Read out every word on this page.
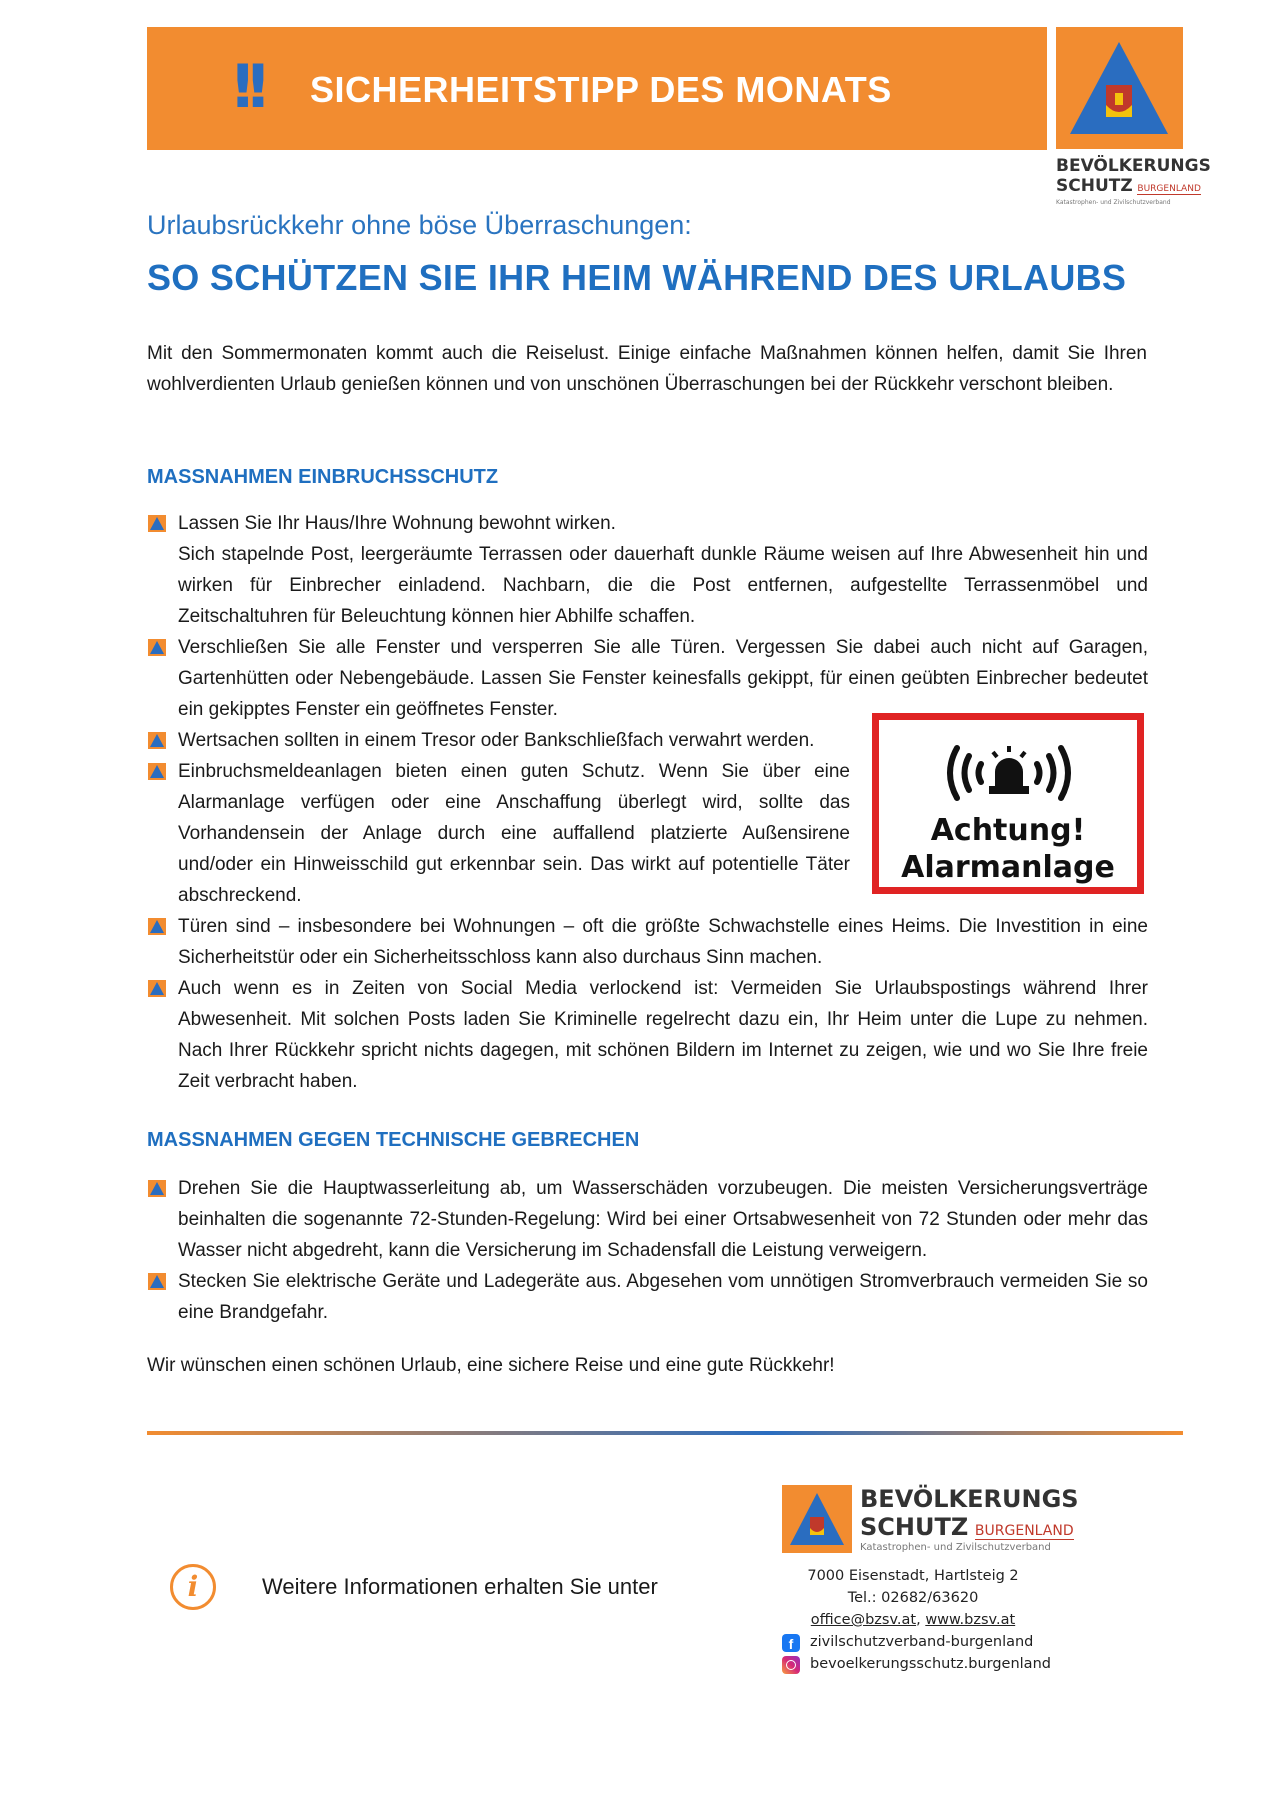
!! SICHERHEITSTIPP DES MONATS
BEVÖLKERUNGS
SCHUTZ BURGENLAND
Katastrophen- und Zivilschutzverband
Urlaubsrückkehr ohne böse Überraschungen:
SO SCHÜTZEN SIE IHR HEIM WÄHREND DES URLAUBS
Mit den Sommermonaten kommt auch die Reiselust. Einige einfache Maßnahmen können helfen, damit Sie Ihren wohlverdienten Urlaub genießen können und von unschönen Überraschungen bei der Rückkehr verschont bleiben.
MASSNAHMEN EINBRUCHSSCHUTZ
Lassen Sie Ihr Haus/Ihre Wohnung bewohnt wirken.
Sich stapelnde Post, leergeräumte Terrassen oder dauerhaft dunkle Räume weisen auf Ihre Abwesenheit hin und wirken für Einbrecher einladend. Nachbarn, die die Post entfernen, aufgestellte Terrassenmöbel und Zeitschaltuhren für Beleuchtung können hier Abhilfe schaffen.
Verschließen Sie alle Fenster und versperren Sie alle Türen. Vergessen Sie dabei auch nicht auf Garagen, Gartenhütten oder Nebengebäude. Lassen Sie Fenster keinesfalls gekippt, für einen geübten Einbrecher bedeutet ein gekipptes Fenster ein geöffnetes Fenster.
Wertsachen sollten in einem Tresor oder Bankschließfach verwahrt werden.
Einbruchsmeldeanlagen bieten einen guten Schutz. Wenn Sie über eine Alarmanlage verfügen oder eine Anschaffung überlegt wird, sollte das Vorhandensein der Anlage durch eine auffallend platzierte Außensirene und/oder ein Hinweisschild gut erkennbar sein. Das wirkt auf potentielle Täter abschreckend.
Achtung!
Alarmanlage
Türen sind – insbesondere bei Wohnungen – oft die größte Schwachstelle eines Heims. Die Investition in eine Sicherheitstür oder ein Sicherheitsschloss kann also durchaus Sinn machen.
Auch wenn es in Zeiten von Social Media verlockend ist: Vermeiden Sie Urlaubspostings während Ihrer Abwesenheit. Mit solchen Posts laden Sie Kriminelle regelrecht dazu ein, Ihr Heim unter die Lupe zu nehmen. Nach Ihrer Rückkehr spricht nichts dagegen, mit schönen Bildern im Internet zu zeigen, wie und wo Sie Ihre freie Zeit verbracht haben.
MASSNAHMEN GEGEN TECHNISCHE GEBRECHEN
Drehen Sie die Hauptwasserleitung ab, um Wasserschäden vorzubeugen. Die meisten Versicherungsverträge beinhalten die sogenannte 72-Stunden-Regelung: Wird bei einer Ortsabwesenheit von 72 Stunden oder mehr das Wasser nicht abgedreht, kann die Versicherung im Schadensfall die Leistung verweigern.
Stecken Sie elektrische Geräte und Ladegeräte aus. Abgesehen vom unnötigen Stromverbrauch vermeiden Sie so eine Brandgefahr.
Wir wünschen einen schönen Urlaub, eine sichere Reise und eine gute Rückkehr!
i	Weitere Informationen erhalten Sie unter
BEVÖLKERUNGS
SCHUTZ BURGENLAND
Katastrophen- und Zivilschutzverband
7000 Eisenstadt, Hartlsteig 2
Tel.: 02682/63620
office@bzsv.at, www.bzsv.at
f	zivilschutzverband-burgenland
bevoelkerungsschutz.burgenland
